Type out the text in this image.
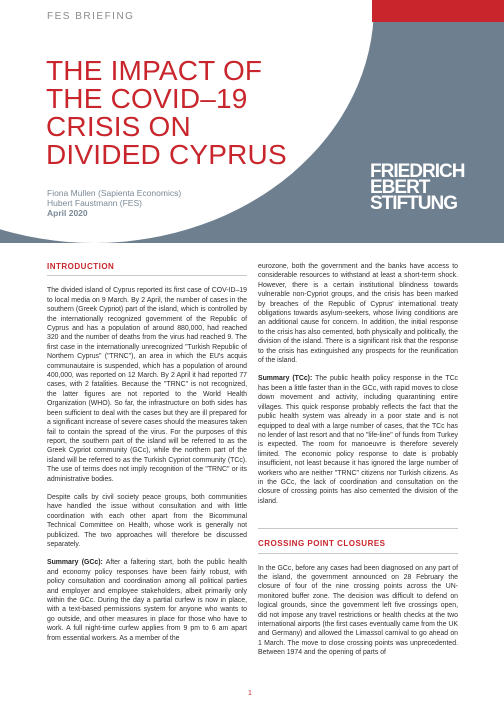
FES BRIEFING
THE IMPACT OF
THE COVID–19
CRISIS ON
DIVIDED CYPRUS
Fiona Mullen (Sapienta Economics)
Hubert Faustmann (FES)
April 2020
FRIEDRICH
EBERT
STIFTUNG
INTRODUCTION

The divided island of Cyprus reported its first case of COV-ID–19 to local media on 9 March. By 2 April, the number of cases in the southern (Greek Cypriot) part of the island, which is controlled by the internationally recognized government of the Republic of Cyprus and has a population of around 880,000, had reached 320 and the number of deaths from the virus had reached 9. The first case in the internationally unrecognized "Turkish Republic of Northern Cyprus" ("TRNC"), an area in which the EU's acquis communautaire is suspended, which has a population of around 400,000, was reported on 12 March. By 2 April it had reported 77 cases, with 2 fatalities. Because the "TRNC" is not recognized, the latter figures are not reported to the World Health Organization (WHO). So far, the infrastructure on both sides has been sufficient to deal with the cases but they are ill prepared for a significant increase of severe cases should the measures taken fail to contain the spread of the virus. For the purposes of this report, the southern part of the island will be referred to as the Greek Cypriot community (GCc), while the northern part of the island will be referred to as the Turkish Cypriot community (TCc). The use of terms does not imply recognition of the "TRNC" or its administrative bodies.

Despite calls by civil society peace groups, both communities have handled the issue without consultation and with little coordination with each other apart from the Bicommunal Technical Committee on Health, whose work is generally not publicized. The two approaches will therefore be discussed separately.

Summary (GCc): After a faltering start, both the public health and economy policy responses have been fairly robust, with policy consultation and coordination among all political parties and employer and employee stakeholders, albeit primarily only within the GCc. During the day a partial curfew is now in place, with a text-based permissions system for anyone who wants to go outside, and other measures in place for those who have to work. A full night-time curfew applies from 9 pm to 6 am apart from essential workers. As a member of the

eurozone, both the government and the banks have access to considerable resources to withstand at least a short-term shock. However, there is a certain institutional blindness towards vulnerable non-Cypriot groups, and the crisis has been marked by breaches of the Republic of Cyprus' international treaty obligations towards asylum-seekers, whose living conditions are an additional cause for concern. In addition, the initial response to the crisis has also cemented, both physically and politically, the division of the island. There is a significant risk that the response to the crisis has extinguished any prospects for the reunification of the island.

Summary (TCc): The public health policy response in the TCc has been a little faster than in the GCc, with rapid moves to close down movement and activity, including quarantining entire villages. This quick response probably reflects the fact that the public health system was already in a poor state and is not equipped to deal with a large number of cases, that the TCc has no lender of last resort and that no "life-line" of funds from Turkey is expected. The room for manoeuvre is therefore severely limited. The economic policy response to date is probably insufficient, not least because it has ignored the large number of workers who are neither "TRNC" citizens nor Turkish citizens. As in the GCc, the lack of coordination and consultation on the closure of crossing points has also cemented the division of the island.

CROSSING POINT CLOSURES

In the GCc, before any cases had been diagnosed on any part of the island, the government announced on 28 February the closure of four of the nine crossing points across the UN-monitored buffer zone. The decision was difficult to defend on logical grounds, since the government left five crossings open, did not impose any travel restrictions or health checks at the two international airports (the first cases eventually came from the UK and Germany) and allowed the Limassol carnival to go ahead on 1 March. The move to close crossing points was unprecedented. Between 1974 and the opening of parts of

1
